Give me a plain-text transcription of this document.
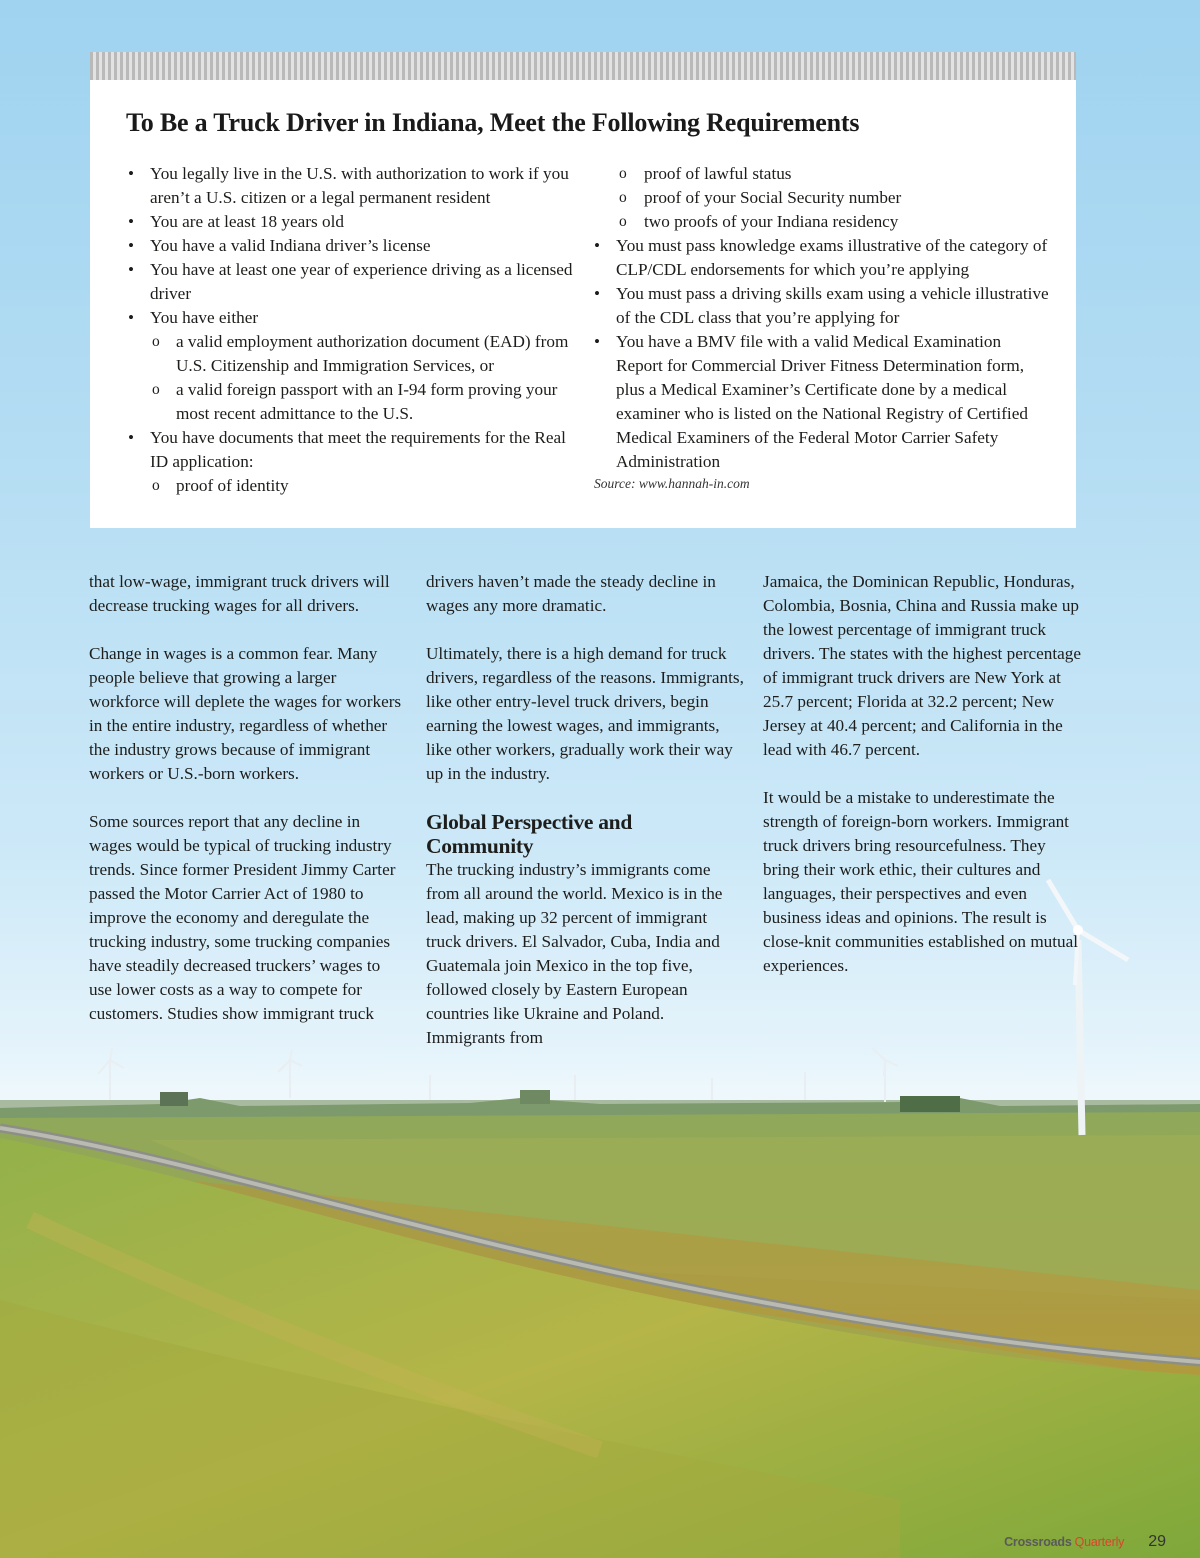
To Be a Truck Driver in Indiana, Meet the Following Requirements
• You legally live in the U.S. with authorization to work if you aren’t a U.S. citizen or a legal permanent resident
• You are at least 18 years old
• You have a valid Indiana driver’s license
• You have at least one year of experience driving as a licensed driver
• You have either
o a valid employment authorization document (EAD) from U.S. Citizenship and Immigration Services, or
o a valid foreign passport with an I-94 form proving your most recent admittance to the U.S.
• You have documents that meet the requirements for the Real ID application:
o proof of identity
o proof of lawful status
o proof of your Social Security number
o two proofs of your Indiana residency
• You must pass knowledge exams illustrative of the category of CLP/CDL endorsements for which you’re applying
• You must pass a driving skills exam using a vehicle illustrative of the CDL class that you’re applying for
• You have a BMV file with a valid Medical Examination Report for Commercial Driver Fitness Determination form, plus a Medical Examiner’s Certificate done by a medical examiner who is listed on the National Registry of Certified Medical Examiners of the Federal Motor Carrier Safety Administration
Source: www.hannah-in.com

that low-wage, immigrant truck drivers will decrease trucking wages for all drivers.

Change in wages is a common fear. Many people believe that growing a larger workforce will deplete the wages for workers in the entire industry, regardless of whether the industry grows because of immigrant workers or U.S.-born workers.

Some sources report that any decline in wages would be typical of trucking industry trends. Since former President Jimmy Carter passed the Motor Carrier Act of 1980 to improve the economy and deregulate the trucking industry, some trucking companies have steadily decreased truckers’ wages to use lower costs as a way to compete for customers. Studies show immigrant truck

drivers haven’t made the steady decline in wages any more dramatic.

Ultimately, there is a high demand for truck drivers, regardless of the reasons. Immigrants, like other entry-level truck drivers, begin earning the lowest wages, and immigrants, like other workers, gradually work their way up in the industry.

Global Perspective and Community

The trucking industry’s immigrants come from all around the world. Mexico is in the lead, making up 32 percent of immigrant truck drivers. El Salvador, Cuba, India and Guatemala join Mexico in the top five, followed closely by Eastern European countries like Ukraine and Poland. Immigrants from

Jamaica, the Dominican Republic, Honduras, Colombia, Bosnia, China and Russia make up the lowest percentage of immigrant truck drivers. The states with the highest percentage of immigrant truck drivers are New York at 25.7 percent; Florida at 32.2 percent; New Jersey at 40.4 percent; and California in the lead with 46.7 percent.

It would be a mistake to underestimate the strength of foreign-born workers. Immigrant truck drivers bring resourcefulness. They bring their work ethic, their cultures and languages, their perspectives and even business ideas and opinions. The result is close-knit communities established on mutual experiences.

Crossroads Quarterly 29
